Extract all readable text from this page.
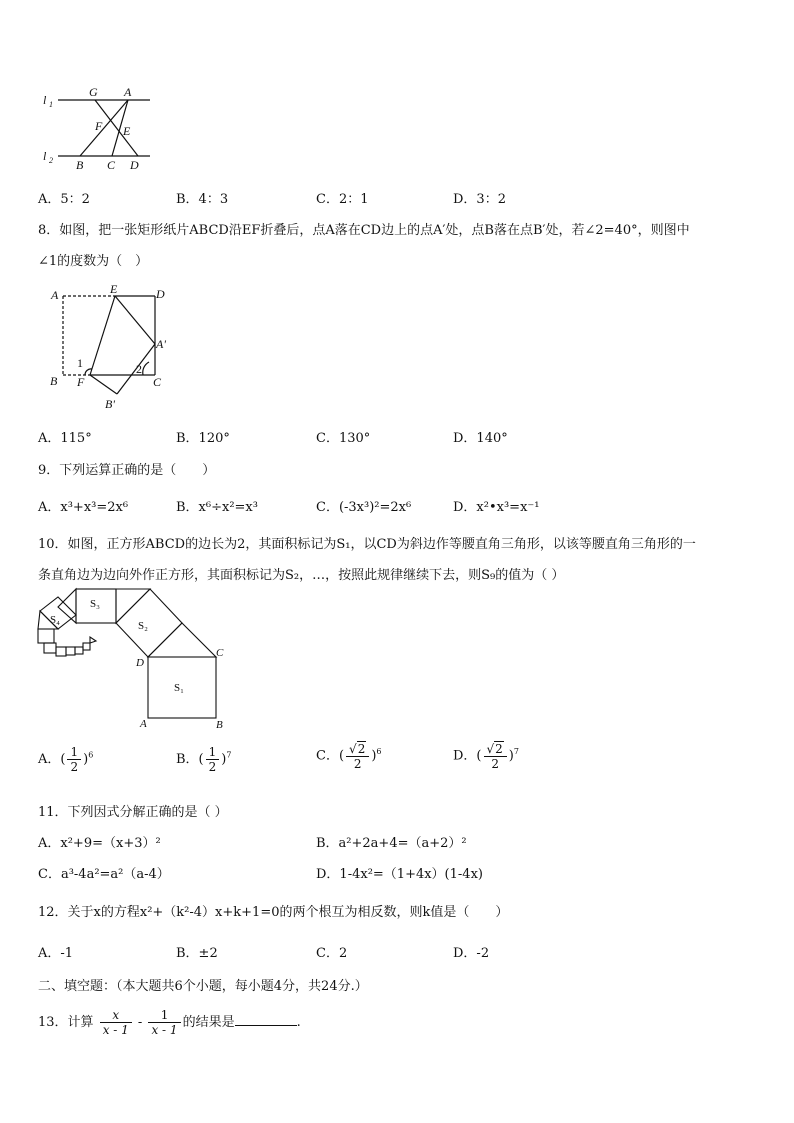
l 1
l 2
G A
F E
B C D
A．5：2	B．4：3	C．2：1	D．3：2
8．如图，把一张矩形纸片ABCD沿EF折叠后，点A落在CD边上的点A′处，点B落在点B′处，若∠2=40°，则图中
∠1的度数为（　）
A	E	D
A'
1	2
B F	C
B'
A．115°	B．120°	C．130°	D．140°
9．下列运算正确的是（　　）
A．x³+x³=2x⁶	B．x⁶÷x²=x³	C．(-3x³)²=2x⁶	D．x²•x³=x⁻¹
10．如图，正方形ABCD的边长为2，其面积标记为S₁，以CD为斜边作等腰直角三角形，以该等腰直角三角形的一
条直角边为边向外作正方形，其面积标记为S₂，…，按照此规律继续下去，则S₉的值为（ ）
S₁
S₂
S₃
S₄
A	B
C
D
A．( $\frac{1}{2} )^6$	B．( $\frac{1}{2} )^7$	C．( $\frac{√2}{2} )^6$	D．( $\frac{√2}{2} )^7$
11．下列因式分解正确的是（ ）
A．x²+9=（x+3）²	B．a²+2a+4=（a+2）²
C．a³-4a²=a²（a-4）	D．1-4x²=（1+4x）(1-4x)
12．关于x的方程x²+（k²-4）x+k+1=0的两个根互为相反数，则k值是（　　）
A．-1	B．±2	C．2	D．-2
二、填空题：（本大题共6个小题，每小题4分，共24分.）
13．计算 $\frac{x}{x - 1} - \frac{1}{x - 1}$ 的结果是	.
